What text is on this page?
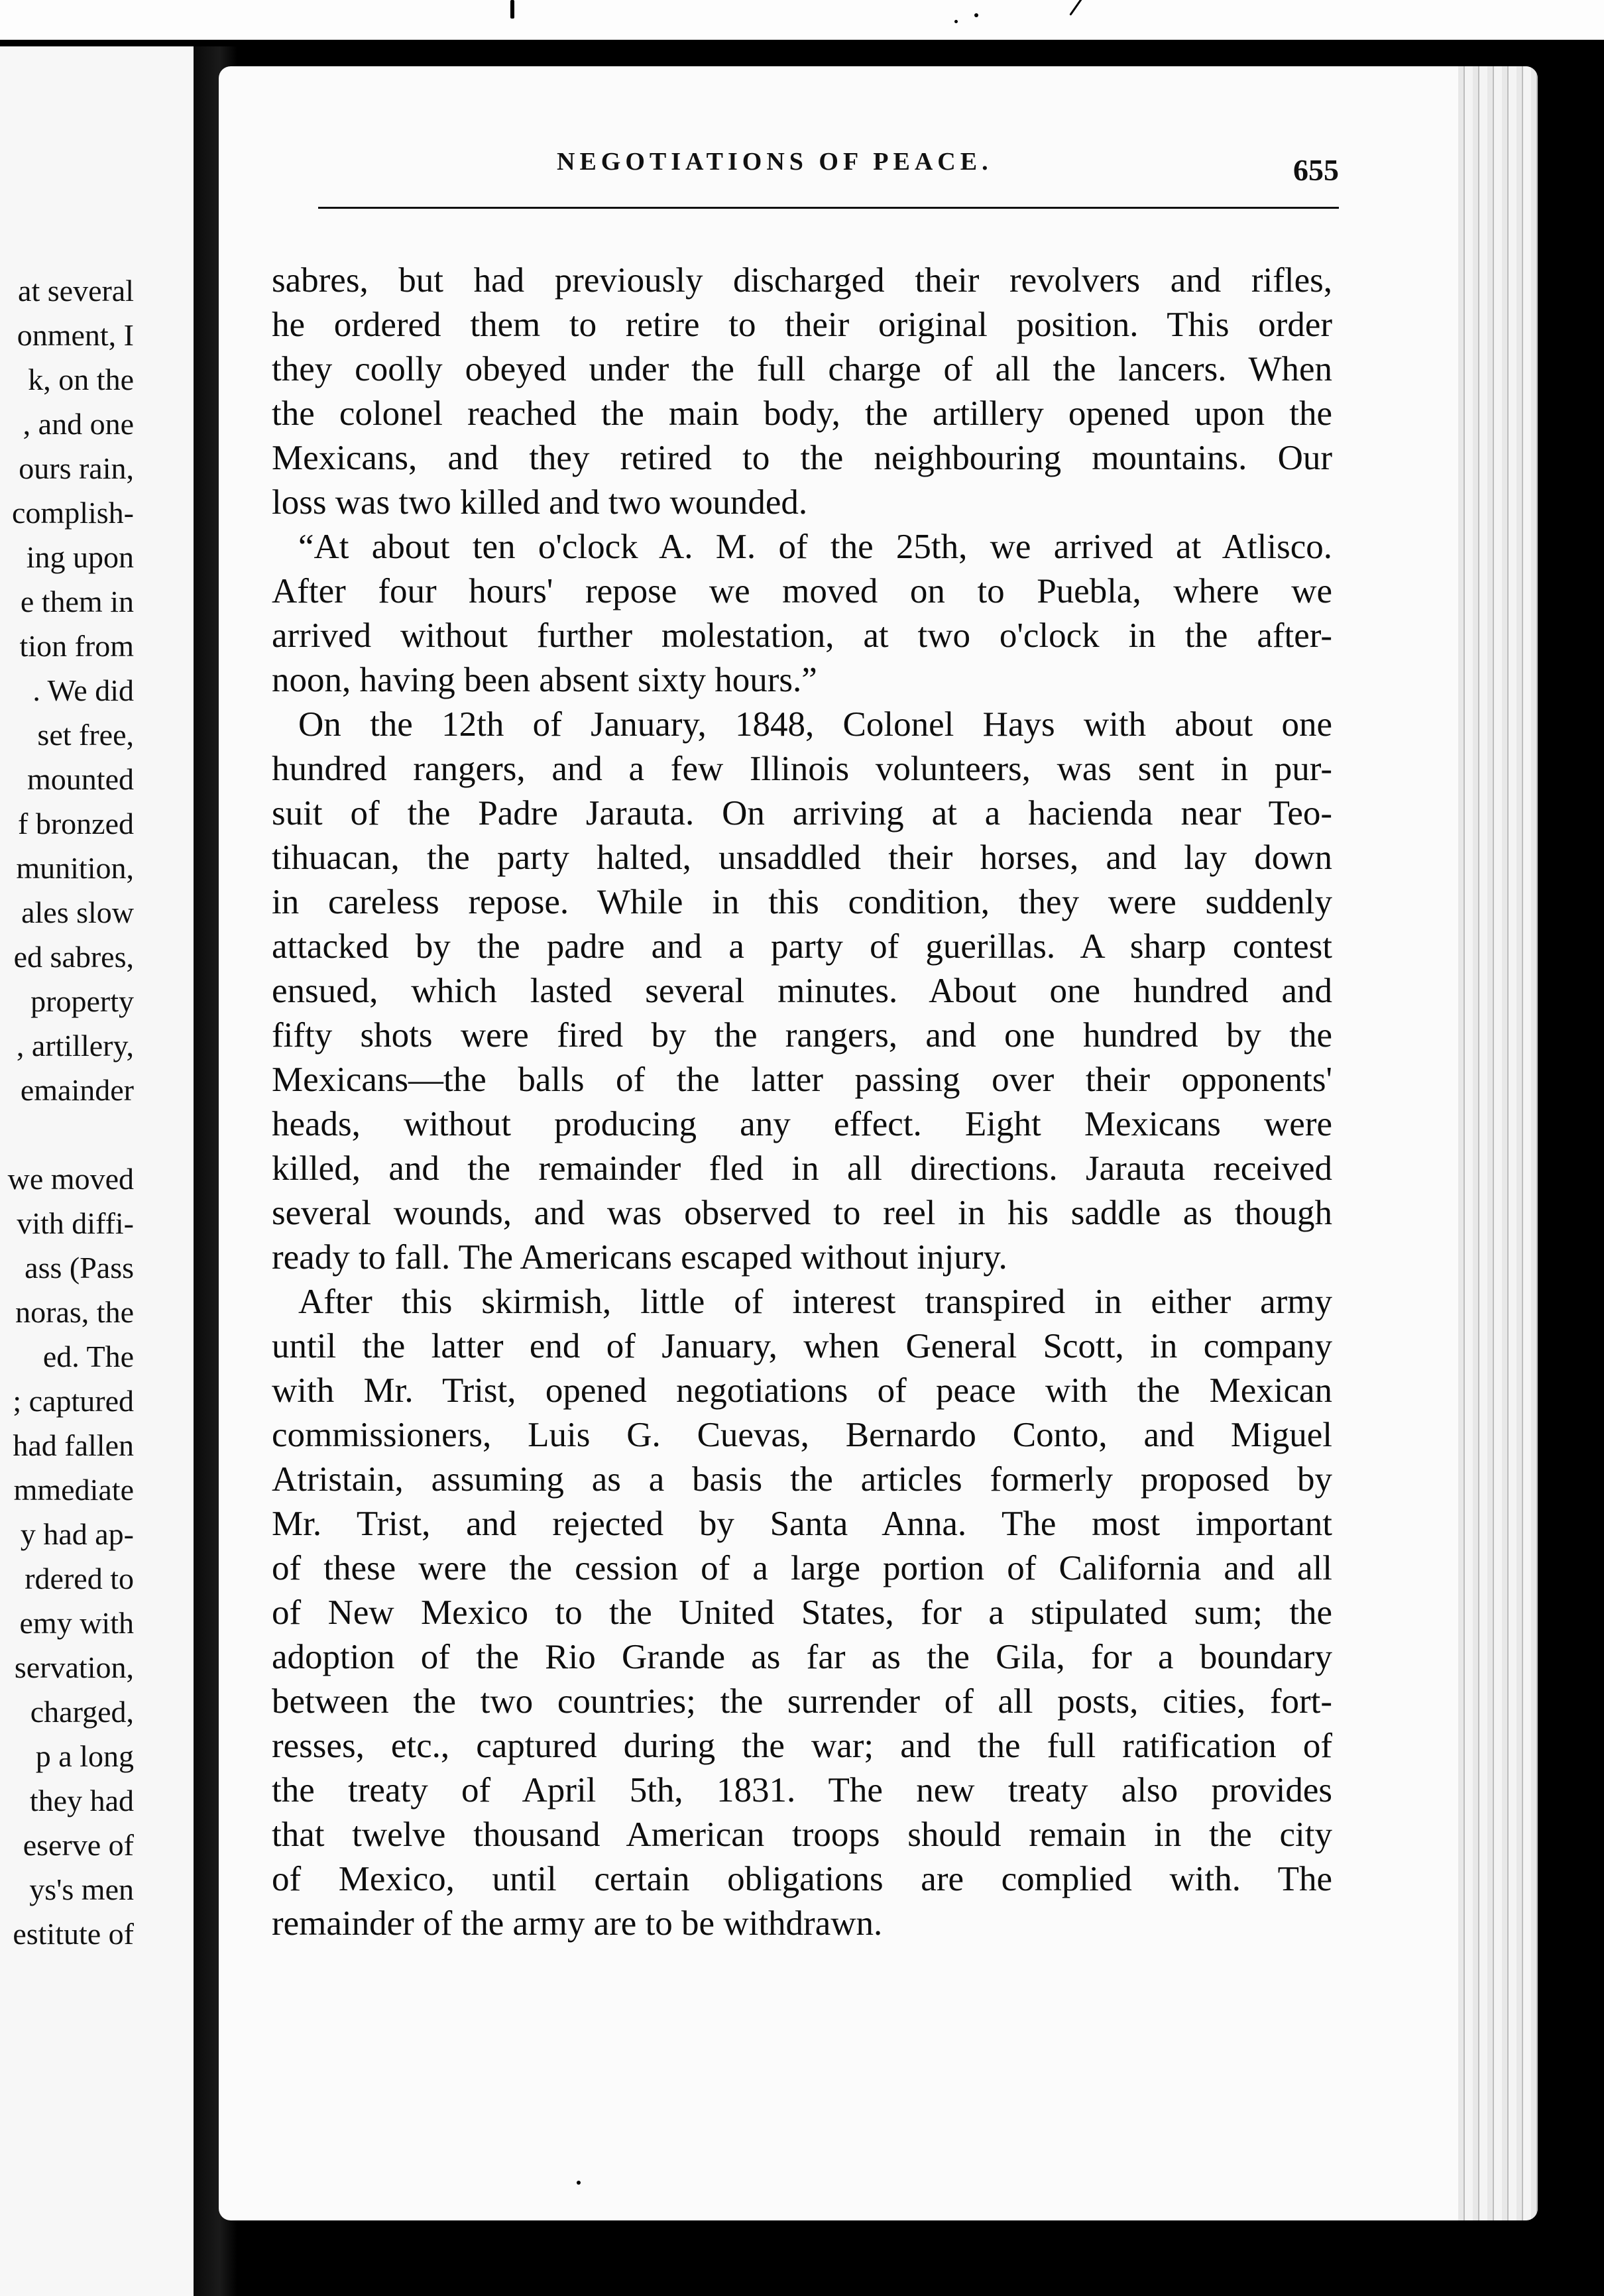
at several
onment, I
k, on the
, and one
ours rain,
complish-
ing upon
e them in
tion from
. We did
set free,
mounted
f bronzed
munition,
ales slow
ed sabres,
property
, artillery,
emainder

we moved
vith diffi-
ass (Pass
noras, the
ed. The
; captured
had fallen
mmediate
y had ap-
rdered to
emy with
servation,
charged,
p a long
they had
eserve of
ys's men
estitute of
NEGOTIATIONS OF PEACE.	655
sabres, but had previously discharged their revolvers and rifles,
he ordered them to retire to their original position. This order
they coolly obeyed under the full charge of all the lancers. When
the colonel reached the main body, the artillery opened upon the
Mexicans, and they retired to the neighbouring mountains. Our
loss was two killed and two wounded.
“At about ten o'clock A. M. of the 25th, we arrived at Atlisco.
After four hours' repose we moved on to Puebla, where we
arrived without further molestation, at two o'clock in the after-
noon, having been absent sixty hours.”
On the 12th of January, 1848, Colonel Hays with about one
hundred rangers, and a few Illinois volunteers, was sent in pur-
suit of the Padre Jarauta. On arriving at a hacienda near Teo-
tihuacan, the party halted, unsaddled their horses, and lay down
in careless repose. While in this condition, they were suddenly
attacked by the padre and a party of guerillas. A sharp contest
ensued, which lasted several minutes. About one hundred and
fifty shots were fired by the rangers, and one hundred by the
Mexicans—the balls of the latter passing over their opponents'
heads, without producing any effect. Eight Mexicans were
killed, and the remainder fled in all directions. Jarauta received
several wounds, and was observed to reel in his saddle as though
ready to fall. The Americans escaped without injury.
After this skirmish, little of interest transpired in either army
until the latter end of January, when General Scott, in company
with Mr. Trist, opened negotiations of peace with the Mexican
commissioners, Luis G. Cuevas, Bernardo Conto, and Miguel
Atristain, assuming as a basis the articles formerly proposed by
Mr. Trist, and rejected by Santa Anna. The most important
of these were the cession of a large portion of California and all
of New Mexico to the United States, for a stipulated sum; the
adoption of the Rio Grande as far as the Gila, for a boundary
between the two countries; the surrender of all posts, cities, fort-
resses, etc., captured during the war; and the full ratification of
the treaty of April 5th, 1831. The new treaty also provides
that twelve thousand American troops should remain in the city
of Mexico, until certain obligations are complied with. The
remainder of the army are to be withdrawn.
